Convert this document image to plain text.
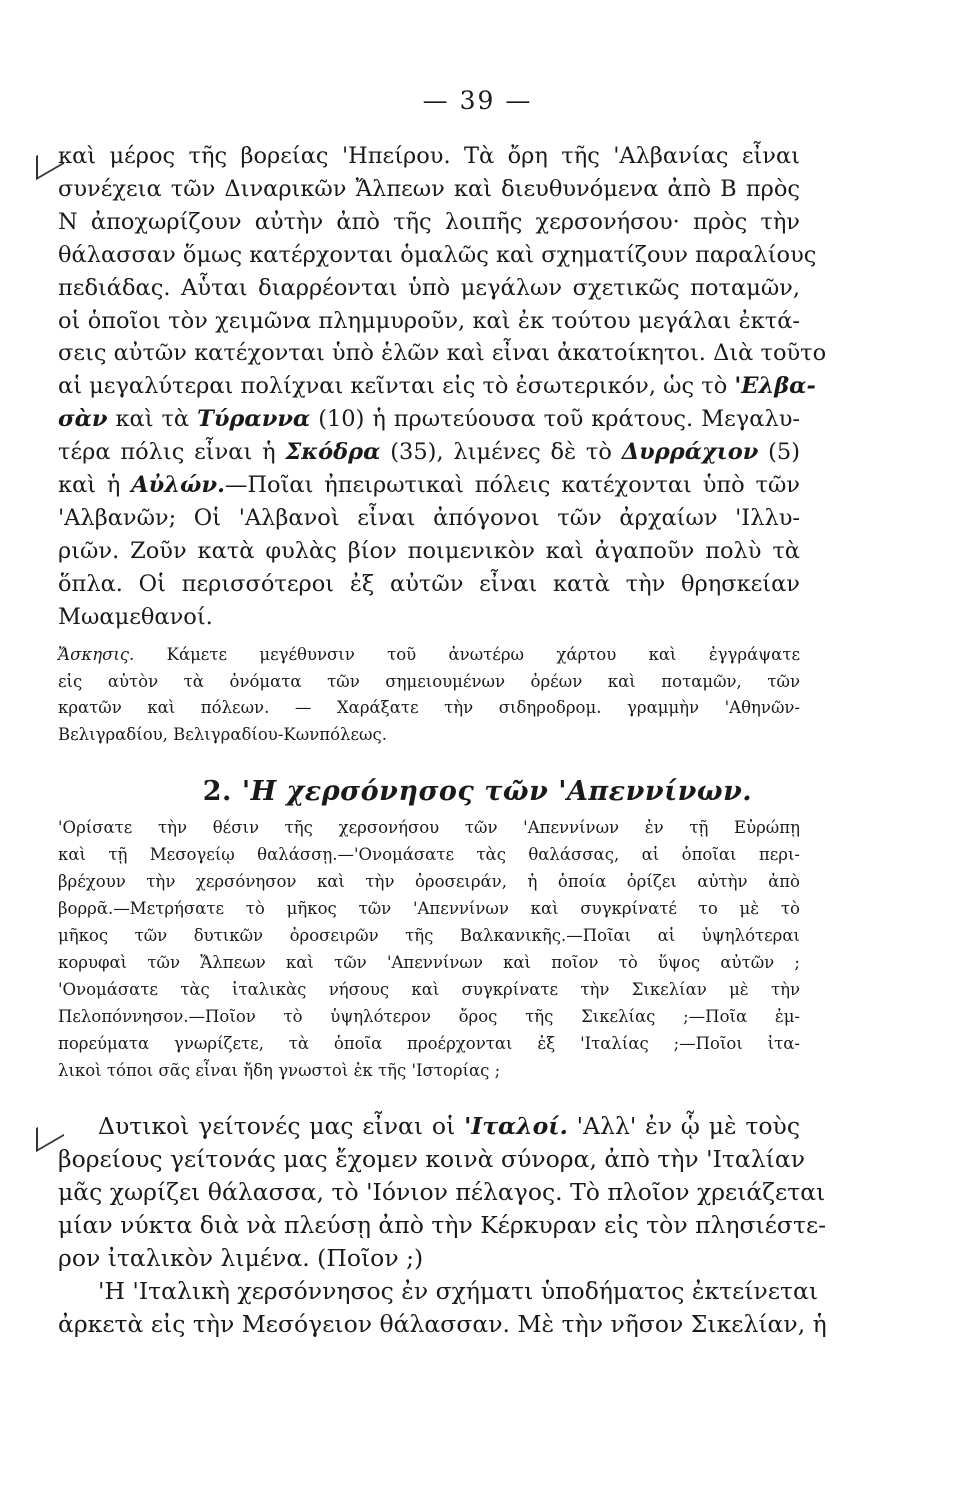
— 39 —
καὶ μέρος τῆς βορείας 'Ηπείρου. Τὰ ὄρη τῆς 'Αλβανίας εἶναι
συνέχεια τῶν Διναρικῶν Ἄλπεων καὶ διευθυνόμενα ἀπὸ Β πρὸς
Ν ἀποχωρίζουν αὐτὴν ἀπὸ τῆς λοιπῆς χερσονήσου· πρὸς τὴν
θάλασσαν ὅμως κατέρχονται ὁμαλῶς καὶ σχηματίζουν παραλίους
πεδιάδας. Αὗται διαρρέονται ὑπὸ μεγάλων σχετικῶς ποταμῶν,
οἱ ὁποῖοι τὸν χειμῶνα πλημμυροῦν, καὶ ἐκ τούτου μεγάλαι ἐκτά-
σεις αὐτῶν κατέχονται ὑπὸ ἑλῶν καὶ εἶναι ἀκατοίκητοι. Διὰ τοῦτο
αἱ μεγαλύτεραι πολίχναι κεῖνται εἰς τὸ ἐσωτερικόν, ὡς τὸ 'Ελβα-
σὰν καὶ τὰ Τύραννα (10) ἡ πρωτεύουσα τοῦ κράτους. Μεγαλυ-
τέρα πόλις εἶναι ἡ Σκόδρα (35), λιμένες δὲ τὸ Δυρράχιον (5)
καὶ ἡ Αὐλών.—Ποῖαι ἠπειρωτικαὶ πόλεις κατέχονται ὑπὸ τῶν
'Αλβανῶν; Οἱ 'Αλβανοὶ εἶναι ἀπόγονοι τῶν ἀρχαίων 'Ιλλυ-
ριῶν. Ζοῦν κατὰ φυλὰς βίον ποιμενικὸν καὶ ἀγαποῦν πολὺ τὰ
ὅπλα. Οἱ περισσότεροι ἐξ αὐτῶν εἶναι κατὰ τὴν θρησκείαν
Μωαμεθανοί.
Ἄσκησις. Κάμετε μεγέθυνσιν τοῦ ἀνωτέρω χάρτου καὶ ἐγγράψατε
εἰς αὐτὸν τὰ ὀνόματα τῶν σημειουμένων ὀρέων καὶ ποταμῶν, τῶν
κρατῶν καὶ πόλεων. — Χαράξατε τὴν σιδηροδρομ. γραμμὴν 'Αθηνῶν-
Βελιγραδίου, Βελιγραδίου-Κωνπόλεως.
2. 'Η χερσόνησος τῶν 'Απεννίνων.
'Ορίσατε τὴν θέσιν τῆς χερσονήσου τῶν 'Απεννίνων ἐν τῇ Εὐρώπῃ
καὶ τῇ Μεσογείῳ θαλάσσῃ.—'Ονομάσατε τὰς θαλάσσας, αἱ ὁποῖαι περι-
βρέχουν τὴν χερσόνησον καὶ τὴν ὀροσειράν, ἡ ὁποία ὁρίζει αὐτὴν ἀπὸ
βορρᾶ.—Μετρήσατε τὸ μῆκος τῶν 'Απεννίνων καὶ συγκρίνατέ το μὲ τὸ
μῆκος τῶν δυτικῶν ὀροσειρῶν τῆς Βαλκανικῆς.—Ποῖαι αἱ ὑψηλότεραι
κορυφαὶ τῶν Ἄλπεων καὶ τῶν 'Απεννίνων καὶ ποῖον τὸ ὕψος αὐτῶν ;
'Ονομάσατε τὰς ἰταλικὰς νήσους καὶ συγκρίνατε τὴν Σικελίαν μὲ τὴν
Πελοπόννησον.—Ποῖον τὸ ὑψηλότερον ὄρος τῆς Σικελίας ;—Ποῖα ἐμ-
πορεύματα γνωρίζετε, τὰ ὁποῖα προέρχονται ἐξ 'Ιταλίας ;—Ποῖοι ἰτα-
λικοὶ τόποι σᾶς εἶναι ἤδη γνωστοὶ ἐκ τῆς 'Ιστορίας ;
Δυτικοὶ γείτονές μας εἶναι οἱ 'Ιταλοί. 'Αλλ' ἐν ᾧ μὲ τοὺς
βορείους γείτονάς μας ἔχομεν κοινὰ σύνορα, ἀπὸ τὴν 'Ιταλίαν
μᾶς χωρίζει θάλασσα, τὸ 'Ιόνιον πέλαγος. Τὸ πλοῖον χρειάζεται
μίαν νύκτα διὰ νὰ πλεύσῃ ἀπὸ τὴν Κέρκυραν εἰς τὸν πλησιέστε-
ρον ἰταλικὸν λιμένα. (Ποῖον ;)
'Η 'Ιταλικὴ χερσόννησος ἐν σχήματι ὑποδήματος ἐκτείνεται
ἀρκετὰ εἰς τὴν Μεσόγειον θάλασσαν. Μὲ τὴν νῆσον Σικελίαν, ἡ
